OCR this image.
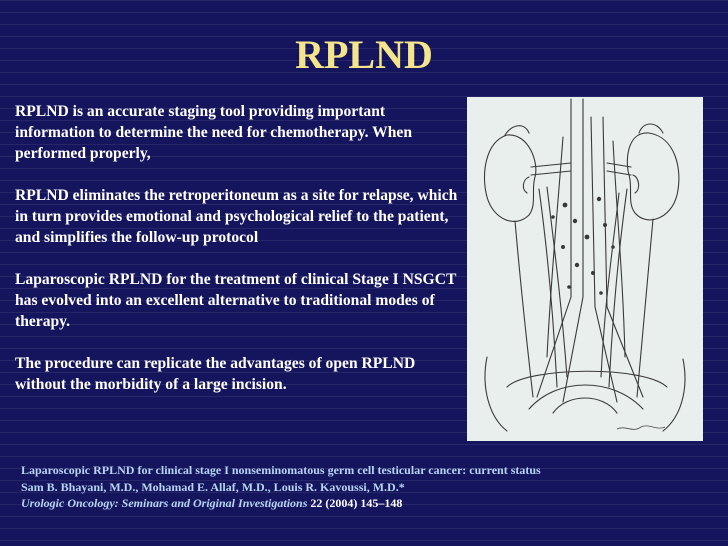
RPLND

RPLND is an accurate staging tool providing important information to determine the need for chemotherapy. When performed properly,

RPLND eliminates the retroperitoneum as a site for relapse, which in turn provides emotional and psychological relief to the patient, and simplifies the follow-up protocol

Laparoscopic RPLND for the treatment of clinical Stage I NSGCT has evolved into an excellent alternative to traditional modes of therapy.

The procedure can replicate the advantages of open RPLND without the morbidity of a large incision.

Laparoscopic RPLND for clinical stage I nonseminomatous germ cell testicular cancer: current status
Sam B. Bhayani, M.D., Mohamad E. Allaf, M.D., Louis R. Kavoussi, M.D.*
Urologic Oncology: Seminars and Original Investigations 22 (2004) 145–148
